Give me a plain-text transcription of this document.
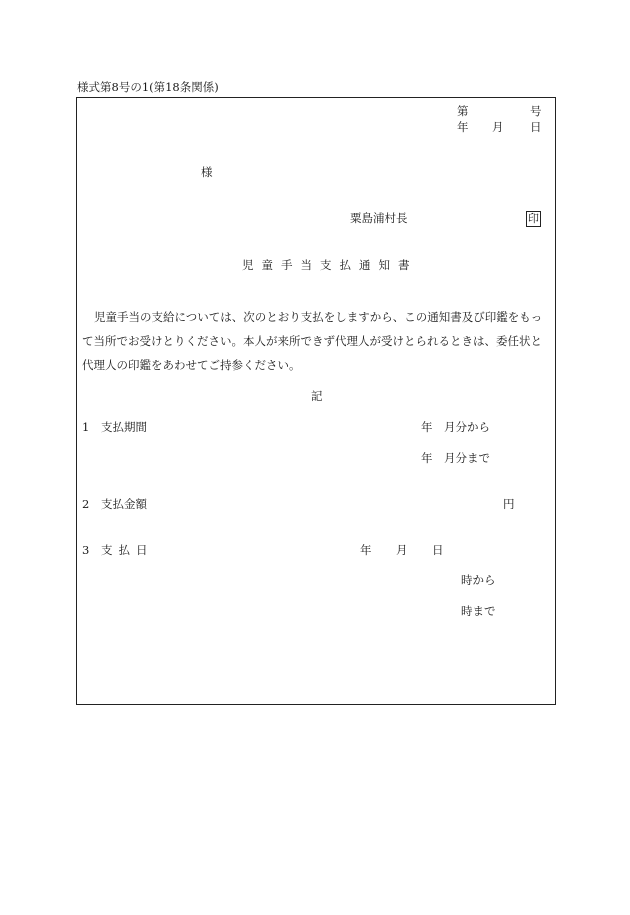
様式第8号の1(第18条関係)
第	号
年 月 日
様
粟島浦村長	印
児童手当支払通知書
児童手当の支給については、次のとおり支払をしますから、この通知書及び印鑑をもっ
て当所でお受けとりください。本人が来所できず代理人が受けとられるときは、委任状と
代理人の印鑑をあわせてご持参ください。
記
1 支払期間	年 月分から
年 月分まで
2 支払金額	円
3 支払日	年 月 日
時から
時まで
